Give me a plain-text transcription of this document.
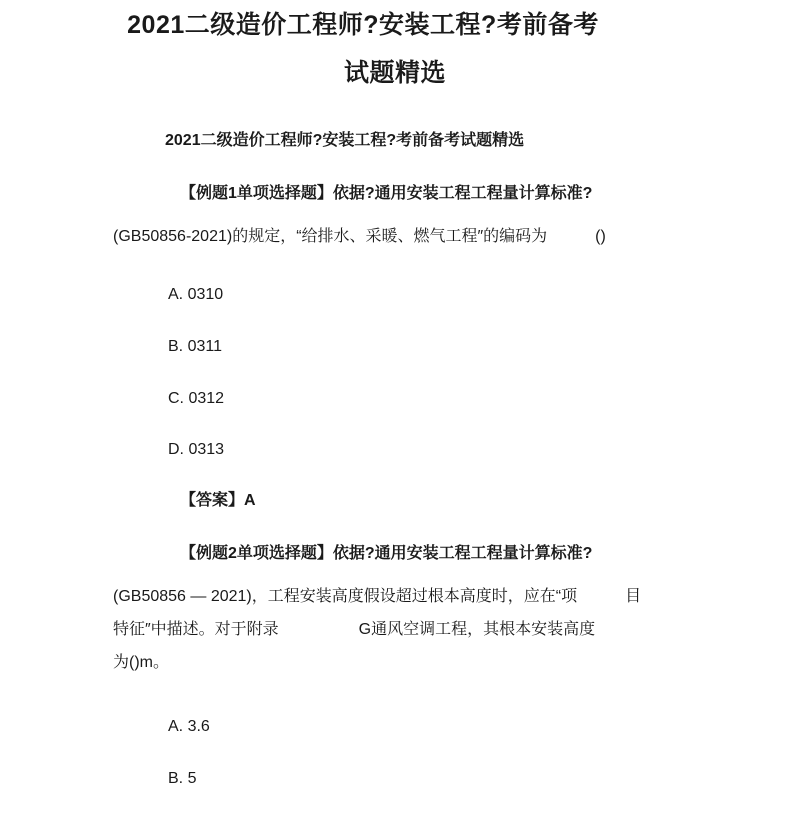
2021二级造价工程师?安装工程?考前备考
试题精选
2021二级造价工程师?安装工程?考前备考试题精选
【例题1单项选择题】依据?通用安装工程工程量计算标准?
(GB50856-2021)的规定，“给排水、采暖、燃气工程″的编码为　　　()
A. 0310
B. 0311
C. 0312
D. 0313
【答案】A
【例题2单项选择题】依据?通用安装工程工程量计算标准?
(GB50856 — 2021)，工程安装高度假设超过根本高度时，应在“项　　　目
特征″中描述。对于附录　　　　　G通风空调工程，其根本安装高度
为()m。
A. 3.6
B. 5
